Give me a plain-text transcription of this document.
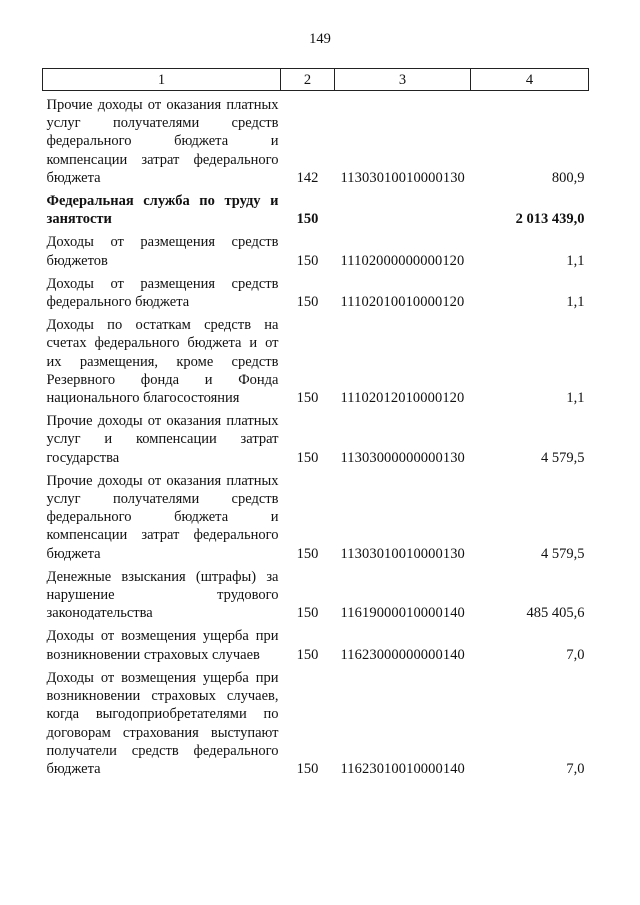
149
1	2	3	4
Прочие доходы от оказания платных услуг получателями средств федерального бюджета и компенсации затрат федерального бюджета	142	11303010010000130	800,9
Федеральная служба по труду и занятости	150		2 013 439,0
Доходы от размещения средств бюджетов	150	11102000000000120	1,1
Доходы от размещения средств федерального бюджета	150	11102010010000120	1,1
Доходы по остаткам средств на счетах федерального бюджета и от их размещения, кроме средств Резервного фонда и Фонда национального благосостояния	150	11102012010000120	1,1
Прочие доходы от оказания платных услуг и компенсации затрат государства	150	11303000000000130	4 579,5
Прочие доходы от оказания платных услуг получателями средств федерального бюджета и компенсации затрат федерального бюджета	150	11303010010000130	4 579,5
Денежные взыскания (штрафы) за нарушение трудового законодательства	150	11619000010000140	485 405,6
Доходы от возмещения ущерба при возникновении страховых случаев	150	11623000000000140	7,0
Доходы от возмещения ущерба при возникновении страховых случаев, когда выгодоприобретателями по договорам страхования выступают получатели средств федерального бюджета	150	11623010010000140	7,0
